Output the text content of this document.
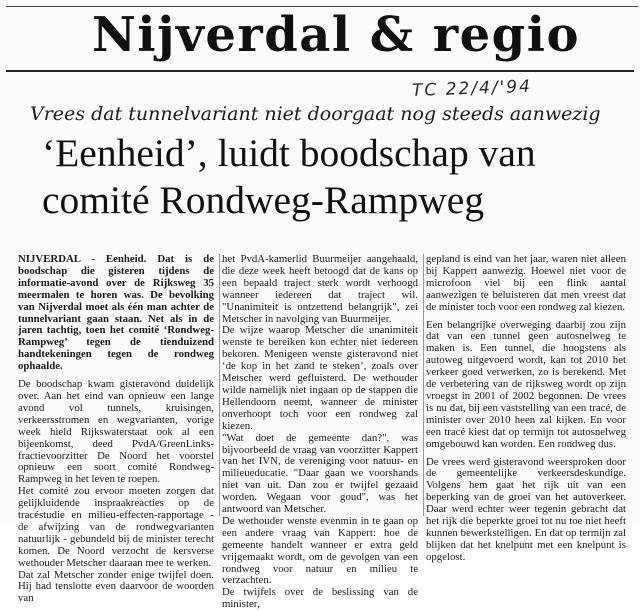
Nijverdal & regio
TC 22/4/'94
Vrees dat tunnelvariant niet doorgaat nog steeds aanwezig
‘Eenheid’, luidt boodschap van
comité Rondweg-Rampweg

NIJVERDAL - Eenheid. Dat is de boodschap die gisteren tijdens de informatie-avond over de Rijksweg 35 meermalen te horen was. De bevolking van Nijverdal moet als één man achter de tunnelvariant gaan staan. Net als in de jaren tachtig, toen het comité ‘Rondweg-Rampweg’ tegen de tienduizend handtekeningen tegen de rondweg ophaalde.

De boodschap kwam gisteravond duidelijk over. Aan het eind van opnieuw een lange avond vol tunnels, kruisingen, verkeersstromen en wegvarianten, vorige week hield Rijkswaterstaat ook al een bijeenkomst, deed PvdA/GreenLinks-fractievoorzitter De Noord het voorstel opnieuw een soort comité Rondweg-Rampweg in het leven te roepen.

Het comité zou ervoor moeten zorgen dat gelijkluidende inspraakreacties op de tracéstudie en milieu-effecten-rapportage - de afwijzing van de rondwegvarianten natuurlijk - gebundeld bij de minister terecht komen. De Noord verzocht de kersverse wethouder Metscher daaraan mee te werken.

Dat zal Metscher zonder enige twijfel doen. Hij had tenslotte even daarvoor de woorden van

het PvdA-kamerlid Buurmeijer aangehaald, die deze week heeft betoogd dat de kans op een bepaald traject sterk wordt verhoogd wanneer iedereen dat traject wil. "Unanimiteit is ontzettend belangrijk", zei Metscher in navolging van Buurmeijer.

De wijze waarop Metscher die unanimiteit wenste te bereiken kon echter niet iedereen bekoren. Menigeen wenste gisteravond niet ‘de kop in het zand te steken’, zoals over Metscher werd gefluisterd. De wethouder wilde namelijk niet ingaan op de stappen die Hellendoorn neemt, wanneer de minister onverhoopt toch voor een rondweg zal kiezen.

"Wat doet de gemeente dan?", was bijvoorbeeld de vraag van voorzitter Kappert van het IVN, de vereniging voor natuur- en milieueducatie. "Daar gaan we voorshands niet van uit. Dan zou er twijfel gezaaid worden. Wegaan voor goud", was het antwoord van Metscher.

De wethouder wenste evenmin in te gaan op een andere vraag van Kappert: hoe de gemeente handelt wanneer er extra geld vrijgemaakt wordt, om de gevolgen van een rondweg voor natuur en milieu te verzachten.

De twijfels over de beslissing van de minister,

gepland is eind van het jaar, waren niet alleen bij Kappert aanwezig. Hoewel niet voor de microfoon viel bij een flink aantal aanwezigen te beluisteren dat men vreest dat de minister toch voor een rondweg zal kiezen.

Een belangrijke overweging daarbij zou zijn dat van een tunnel geen autosnelweg te maken is. Een tunnel, die hoogstens als autoweg uitgevoerd wordt, kan tot 2010 het verkeer goed verwerken, zo is berekend. Met de verbetering van de rijksweg wordt op zijn vroegst in 2001 of 2002 begonnen. De vrees is nu dat, bij een vaststelling van een tracé, de minister over 2010 heen zal kijken. En voor een tracé kiest dat op termijn tot autosnelweg omgebouwd kan worden. Een rondweg dus.

De vrees werd gisteravond weersproken door de gemeentelijke verkeersdeskundige. Volgens hem gaat het rijk uit van een beperking van de groei van het autoverkeer. Daar werd echter weer tegenin gebracht dat het rijk die beperkte groei tot nu toe niet heeft kunnen bewerkstelligen. En dat op termijn zal blijken dat het knelpunt met een knelpunt is opgelost.
